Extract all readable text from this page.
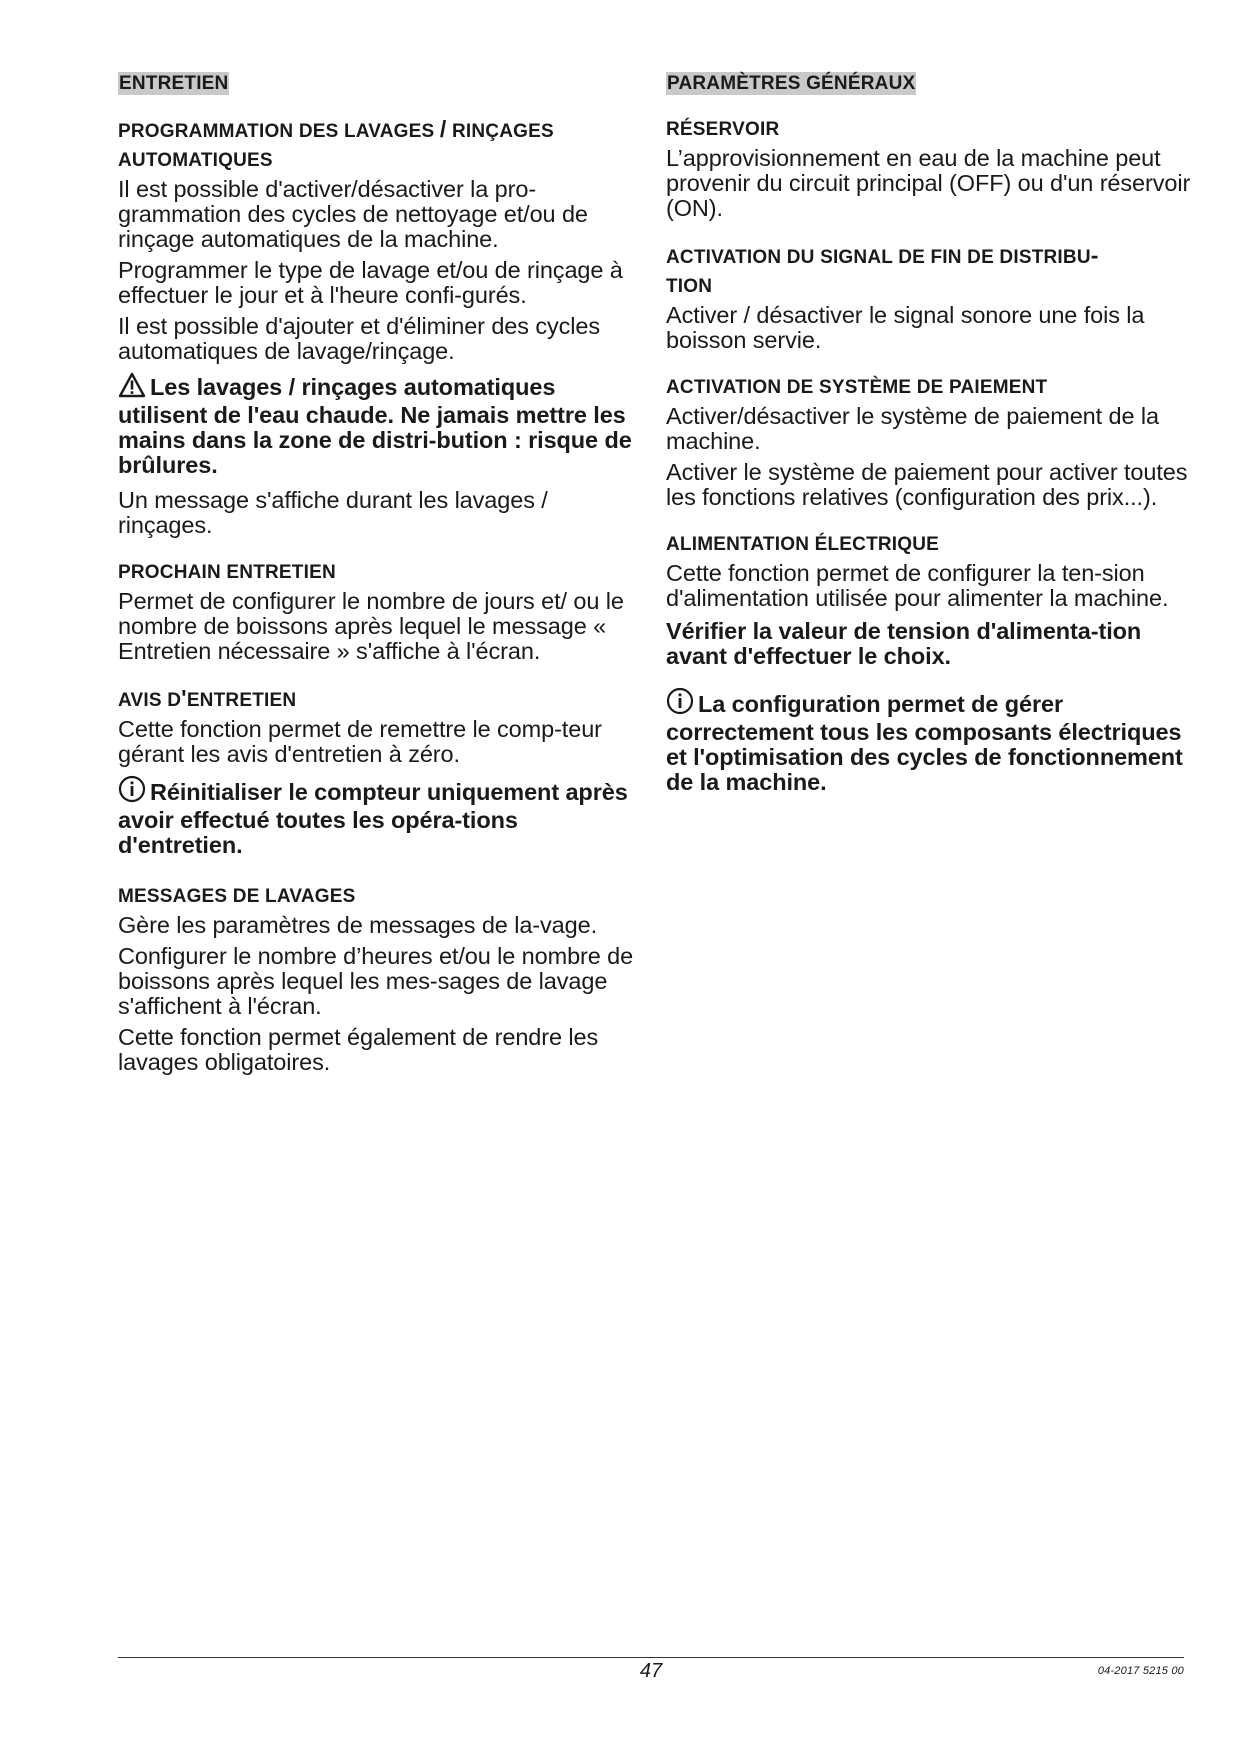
ENTRETIEN
PROGRAMMATION DES LAVAGES / RINÇAGES
AUTOMATIQUES
Il est possible d'activer/désactiver la pro-grammation des cycles de nettoyage et/ou de rinçage automatiques de la machine.
Programmer le type de lavage et/ou de rinçage à effectuer le jour et à l'heure confi-gurés.
Il est possible d'ajouter et d'éliminer des cycles automatiques de lavage/rinçage.
Les lavages / rinçages automatiques utilisent de l'eau chaude. Ne jamais mettre les mains dans la zone de distri-bution : risque de brûlures.
Un message s'affiche durant les lavages / rinçages.
PROCHAIN ENTRETIEN
Permet de configurer le nombre de jours et/ ou le nombre de boissons après lequel le message « Entretien nécessaire » s'affiche à l'écran.
AVIS D'ENTRETIEN
Cette fonction permet de remettre le comp-teur gérant les avis d'entretien à zéro.
Réinitialiser le compteur uniquement après avoir effectué toutes les opéra-tions d'entretien.
MESSAGES DE LAVAGES
Gère les paramètres de messages de la-vage.
Configurer le nombre d’heures et/ou le nombre de boissons après lequel les mes-sages de lavage s'affichent à l'écran.
Cette fonction permet également de rendre les lavages obligatoires.
PARAMÈTRES GÉNÉRAUX
RÉSERVOIR
L’approvisionnement en eau de la machine peut provenir du circuit principal (OFF) ou d'un réservoir (ON).
ACTIVATION DU SIGNAL DE FIN DE DISTRIBU-
TION
Activer / désactiver le signal sonore une fois la boisson servie.
ACTIVATION DE SYSTÈME DE PAIEMENT
Activer/désactiver le système de paiement de la machine.
Activer le système de paiement pour activer toutes les fonctions relatives (configuration des prix...).
ALIMENTATION ÉLECTRIQUE
Cette fonction permet de configurer la ten-sion d'alimentation utilisée pour alimenter la machine.
Vérifier la valeur de tension d'alimenta-tion avant d'effectuer le choix.
La configuration permet de gérer correctement tous les composants électriques et l'optimisation des cycles de fonctionnement de la machine.
47	04-2017 5215 00
